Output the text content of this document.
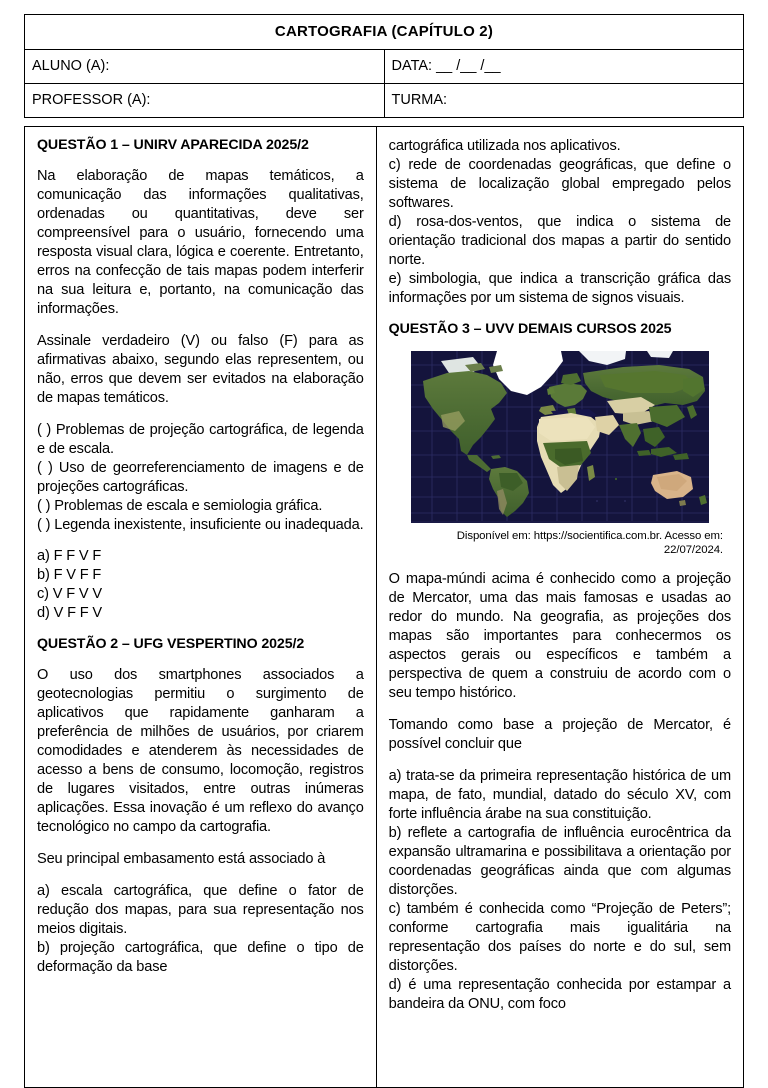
CARTOGRAFIA (CAPÍTULO 2)	
ALUNO (A):	DATA: __ /__ /__
PROFESSOR (A):	TURMA:
QUESTÃO 1 – UNIRV APARECIDA 2025/2

Na elaboração de mapas temáticos, a comunicação das informações qualitativas, ordenadas ou quantitativas, deve ser compreensível para o usuário, fornecendo uma resposta visual clara, lógica e coerente. Entretanto, erros na confecção de tais mapas podem interferir na sua leitura e, portanto, na comunicação das informações.

Assinale verdadeiro (V) ou falso (F) para as afirmativas abaixo, segundo elas representem, ou não, erros que devem ser evitados na elaboração de mapas temáticos.

( ) Problemas de projeção cartográfica, de legenda e de escala.

( ) Uso de georreferenciamento de imagens e de projeções cartográficas.

( ) Problemas de escala e semiologia gráfica.

( ) Legenda inexistente, insuficiente ou inadequada.

a) F F V F
b) F V F F
c) V F V V
d) V F F V
QUESTÃO 2 – UFG VESPERTINO 2025/2

O uso dos smartphones associados a geotecnologias permitiu o surgimento de aplicativos que rapidamente ganharam a preferência de milhões de usuários, por criarem comodidades e atenderem às necessidades de acesso a bens de consumo, locomoção, registros de lugares visitados, entre outras inúmeras aplicações. Essa inovação é um reflexo do avanço tecnológico no campo da cartografia.

Seu principal embasamento está associado à

a) escala cartográfica, que define o fator de redução dos mapas, para sua representação nos meios digitais.

b) projeção cartográfica, que define o tipo de deformação da base

cartográfica utilizada nos aplicativos.

c) rede de coordenadas geográficas, que define o sistema de localização global empregado pelos softwares.

d) rosa-dos-ventos, que indica o sistema de orientação tradicional dos mapas a partir do sentido norte.

e) simbologia, que indica a transcrição gráfica das informações por um sistema de signos visuais.

QUESTÃO 3 – UVV DEMAIS CURSOS 2025
Disponível em: https://socientifica.com.br. Acesso em: 22/07/2024.

O mapa-múndi acima é conhecido como a projeção de Mercator, uma das mais famosas e usadas ao redor do mundo. Na geografia, as projeções dos mapas são importantes para conhecermos os aspectos gerais ou específicos e também a perspectiva de quem a construiu de acordo com o seu tempo histórico.

Tomando como base a projeção de Mercator, é possível concluir que

a) trata-se da primeira representação histórica de um mapa, de fato, mundial, datado do século XV, com forte influência árabe na sua constituição.

b) reflete a cartografia de influência eurocêntrica da expansão ultramarina e possibilitava a orientação por coordenadas geográficas ainda que com algumas distorções.

c) também é conhecida como “Projeção de Peters”; conforme cartografia mais igualitária na representação dos países do norte e do sul, sem distorções.

d) é uma representação conhecida por estampar a bandeira da ONU, com foco
